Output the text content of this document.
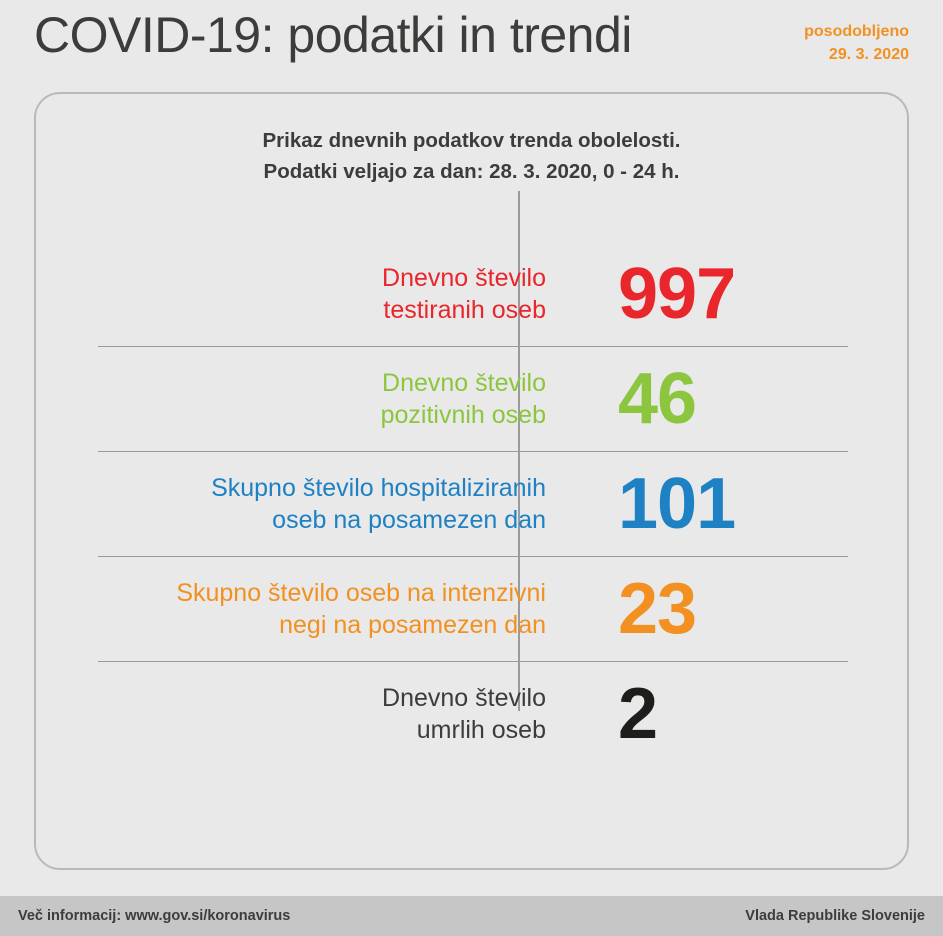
COVID-19: podatki in trendi	posodobljeno
29. 3. 2020
Prikaz dnevnih podatkov trenda obolelosti.
Podatki veljajo za dan: 28. 3. 2020, 0 - 24 h.
Dnevno število
testiranih oseb	997
Dnevno število
pozitivnih oseb	46
Skupno število hospitaliziranih
oseb na posamezen dan	101
Skupno število oseb na intenzivni
negi na posamezen dan	23
Dnevno število
umrlih oseb	2
Več informacij: www.gov.si/koronavirus	Vlada Republike Slovenije
